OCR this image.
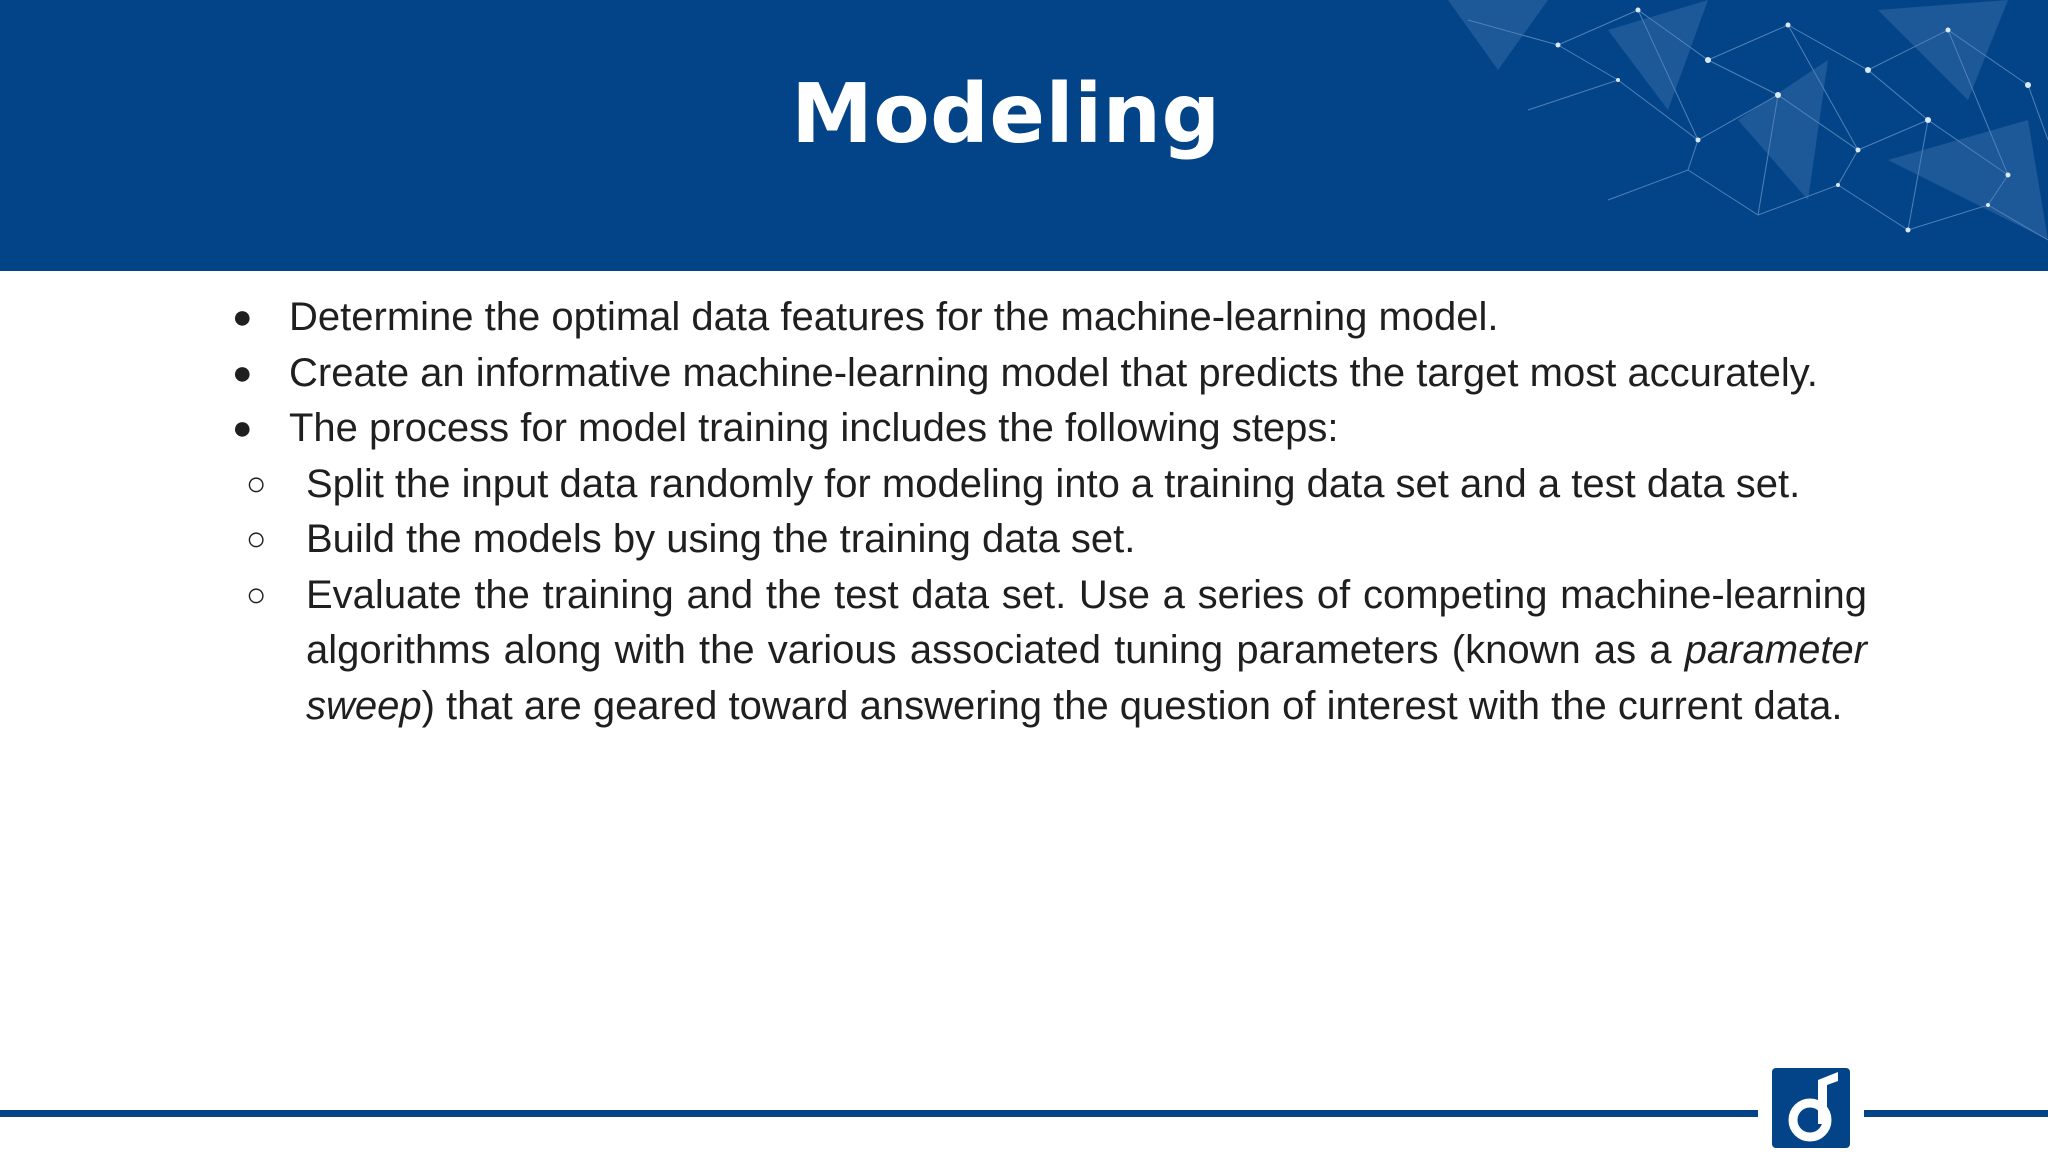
Modeling
● Determine the optimal data features for the machine-learning model.
● Create an informative machine-learning model that predicts the target most accurately.
● The process for model training includes the following steps:
○ Split the input data randomly for modeling into a training data set and a test data set.
○ Build the models by using the training data set.
○ Evaluate the training and the test data set. Use a series of competing machine-learning algorithms along with the various associated tuning parameters (known as a parameter sweep) that are geared toward answering the question of interest with the current data.
